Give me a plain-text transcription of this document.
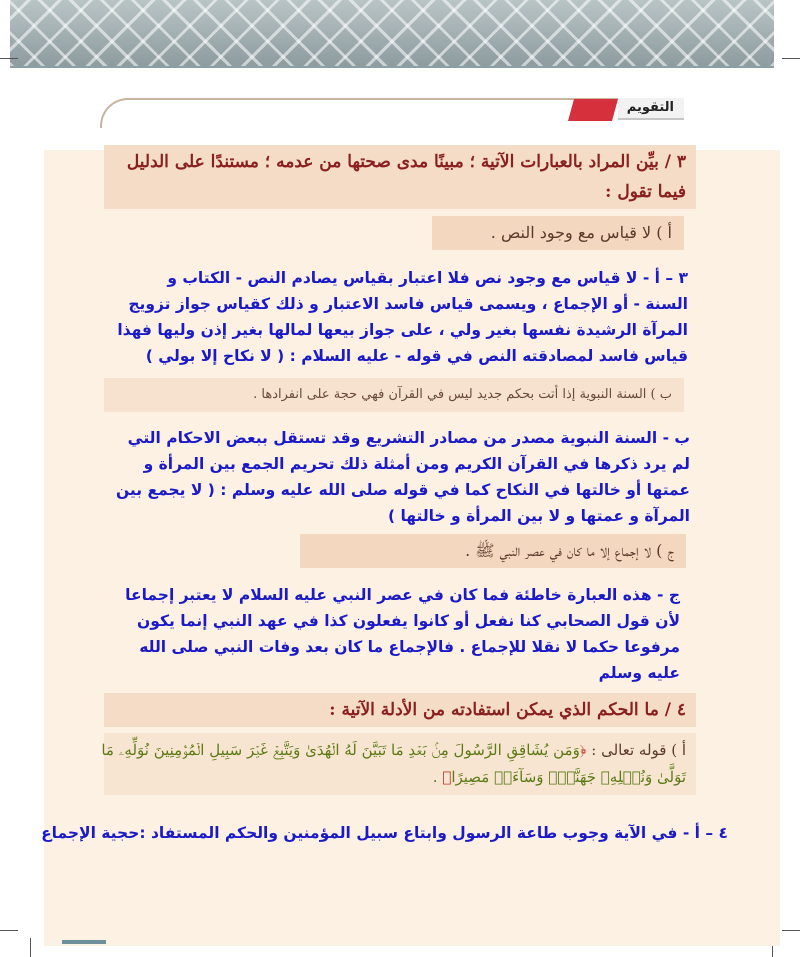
التقويم
٣ / بيِّن المراد بالعبارات الآتية ؛ مبينًا مدى صحتها من عدمه ؛ مستندًا على الدليل
فيما تقول :
أ ) لا قياس مع وجود النص .
٣ – أ - لا قياس مع وجود نص فلا اعتبار بقياس يصادم النص - الكتاب و
السنة - أو الإجماع ، ويسمى قياس فاسد الاعتبار و ذلك كقياس جواز تزويج
المرآة الرشيدة نفسها بغير ولي ، على جواز بيعها لمالها بغير إذن وليها فهذا
قياس فاسد لمصادقته النص في قوله - عليه السلام : ( لا نكاح إلا بولي )
ب ) السنة النبوية إذا أتت بحكم جديد ليس في القرآن فهي حجة على انفرادها .
ب - السنة النبوية مصدر من مصادر التشريع وقد تستقل ببعض الاحكام التي
لم يرد ذكرها في القرآن الكريم ومن أمثلة ذلك تحريم الجمع بين المرأة و
عمتها أو خالتها في النكاح كما في قوله صلى الله عليه وسلم : ( لا يجمع بين
المرآة و عمتها و لا بين المرأة و خالتها )
ج ) لا إجماع إلا ما كان في عصر النبي ﷺ .
ج - هذه العبارة خاطئة فما كان في عصر النبي عليه السلام لا يعتبر إجماعا
لأن قول الصحابي كنا نفعل أو كانوا يفعلون كذا في عهد النبي إنما يكون
مرفوعا حكما لا نقلا للإجماع . فالإجماع ما كان بعد وفات النبي صلى الله
عليه وسلم
٤ / ما الحكم الذي يمكن استفادته من الأدلة الآتية :
أ ) قوله تعالى : ﴿وَمَن يُشَاقِقِ الرَّسُولَ مِنۢ بَعۡدِ مَا تَبَيَّنَ لَهُ الۡهُدَىٰ وَيَتَّبِعۡ غَيۡرَ سَبِيلِ الۡمُؤۡمِنِينَ نُوَلِّهِۦ مَا
تَوَلَّىٰ وَنُصۡلِهِۦ جَهَنَّمَۖ وَسَآءَتۡ مَصِيرًا﴾ .
٤ – أ - في الآية وجوب طاعة الرسول وابتاع سبيل المؤمنين والحكم المستفاد :حجية الإجماع
